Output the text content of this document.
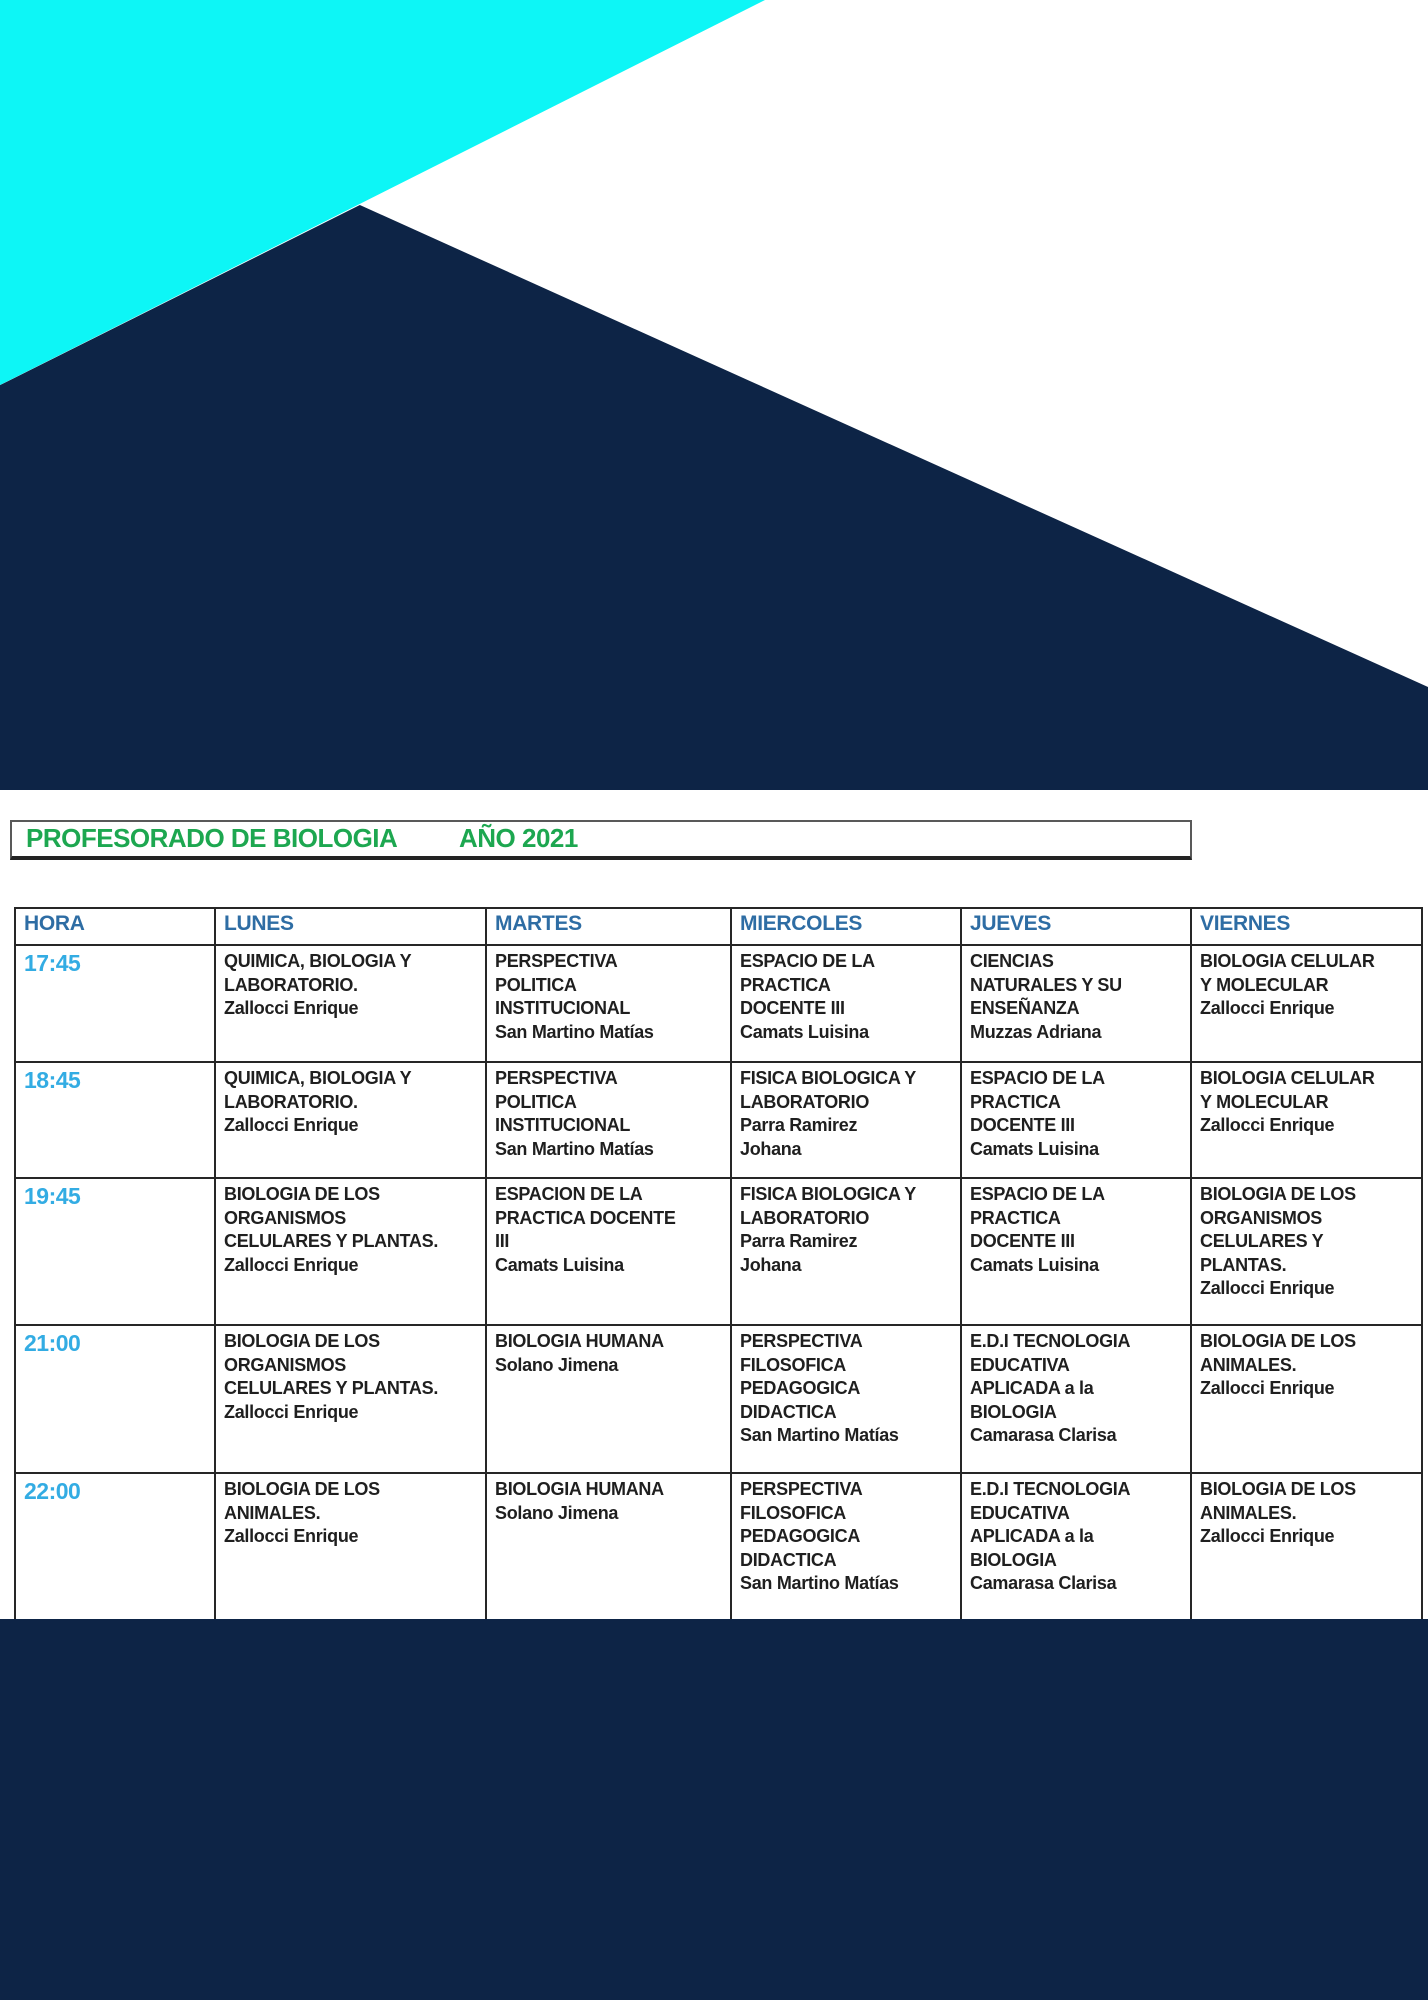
PROFESORADO DE BIOLOGIA AÑO 2021
HORA	LUNES	MARTES	MIERCOLES	JUEVES	VIERNES
17:45	QUIMICA, BIOLOGIA Y
LABORATORIO.
Zallocci Enrique

PERSPECTIVA
POLITICA
INSTITUCIONAL
San Martino Matías

ESPACIO DE LA
PRACTICA
DOCENTE III
Camats Luisina

CIENCIAS
NATURALES Y SU
ENSEÑANZA
Muzzas Adriana

BIOLOGIA CELULAR
Y MOLECULAR
Zallocci Enrique

18:45	QUIMICA, BIOLOGIA Y
LABORATORIO.
Zallocci Enrique

PERSPECTIVA
POLITICA
INSTITUCIONAL
San Martino Matías

FISICA BIOLOGICA Y
LABORATORIO
Parra Ramirez
Johana

ESPACIO DE LA
PRACTICA
DOCENTE III
Camats Luisina

BIOLOGIA CELULAR
Y MOLECULAR
Zallocci Enrique

19:45	BIOLOGIA DE LOS
ORGANISMOS
CELULARES Y PLANTAS.
Zallocci Enrique

ESPACION DE LA
PRACTICA DOCENTE
III
Camats Luisina

FISICA BIOLOGICA Y
LABORATORIO
Parra Ramirez
Johana

ESPACIO DE LA
PRACTICA
DOCENTE III
Camats Luisina

BIOLOGIA DE LOS
ORGANISMOS
CELULARES Y
PLANTAS.
Zallocci Enrique

21:00	BIOLOGIA DE LOS
ORGANISMOS
CELULARES Y PLANTAS.
Zallocci Enrique

BIOLOGIA HUMANA
Solano Jimena

PERSPECTIVA
FILOSOFICA
PEDAGOGICA
DIDACTICA
San Martino Matías

E.D.I TECNOLOGIA
EDUCATIVA
APLICADA a la
BIOLOGIA
Camarasa Clarisa

BIOLOGIA DE LOS
ANIMALES.
Zallocci Enrique

22:00	BIOLOGIA DE LOS
ANIMALES.
Zallocci Enrique

BIOLOGIA HUMANA
Solano Jimena

PERSPECTIVA
FILOSOFICA
PEDAGOGICA
DIDACTICA
San Martino Matías

E.D.I TECNOLOGIA
EDUCATIVA
APLICADA a la
BIOLOGIA
Camarasa Clarisa

BIOLOGIA DE LOS
ANIMALES.
Zallocci Enrique
